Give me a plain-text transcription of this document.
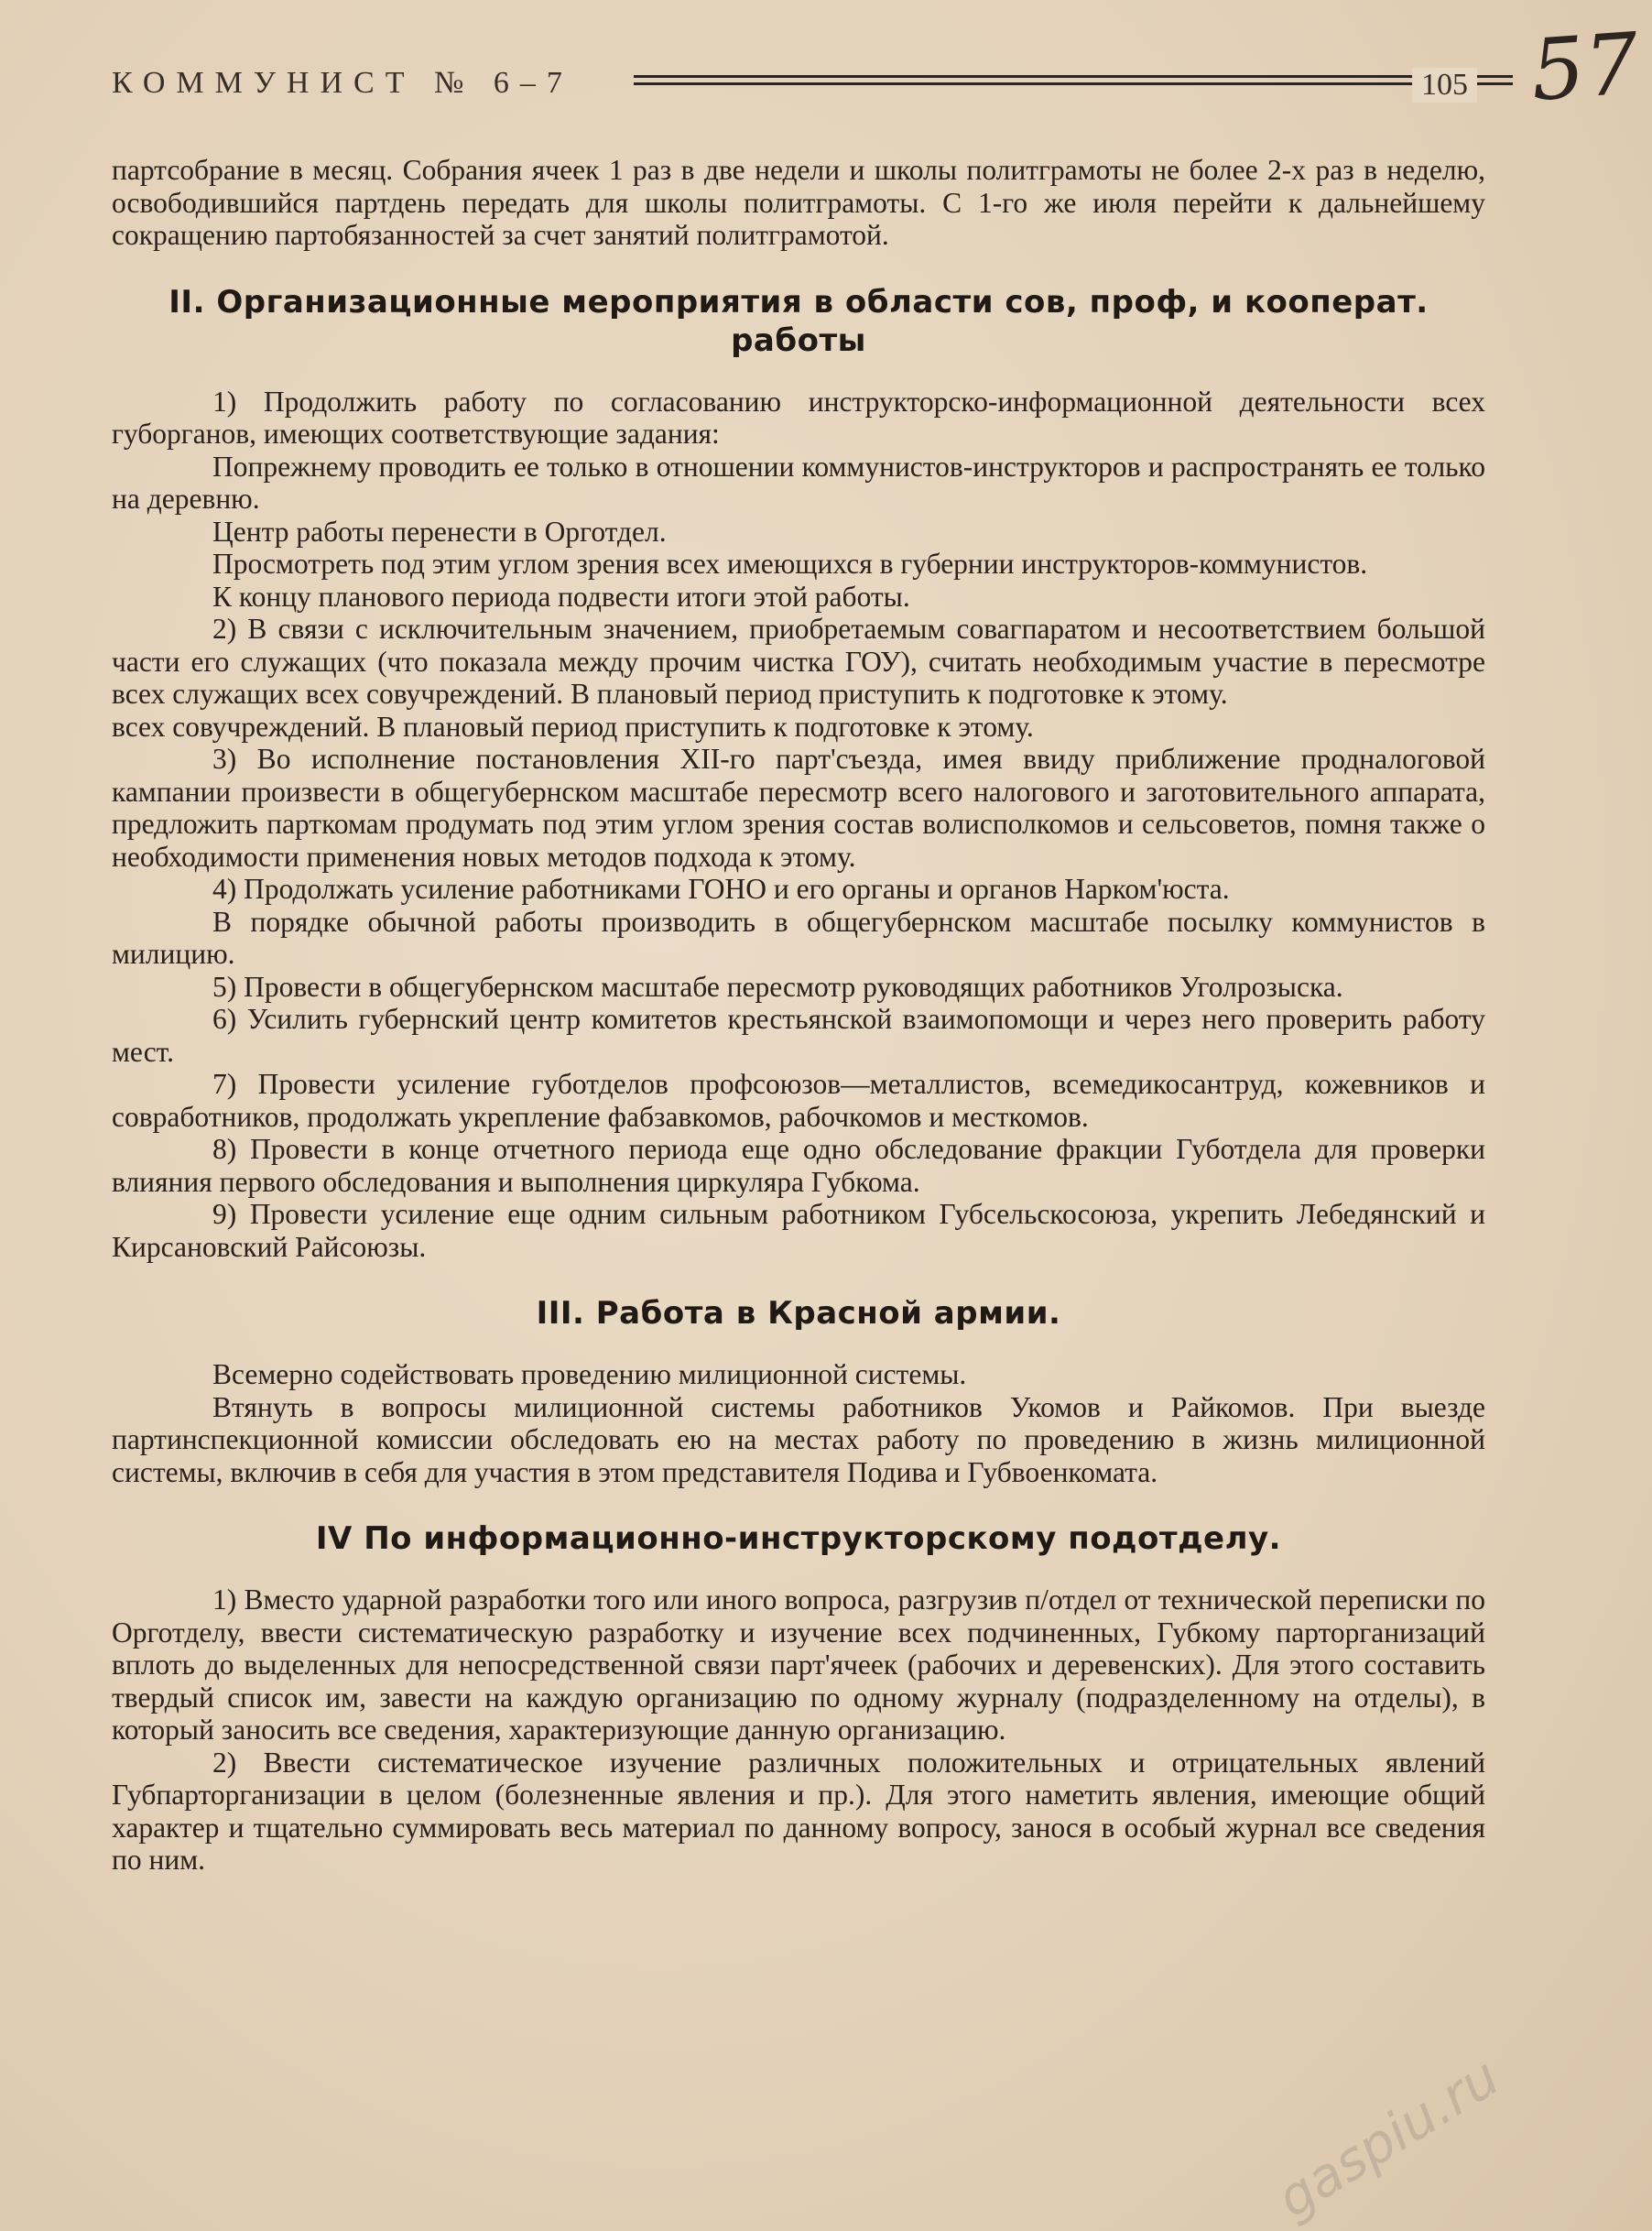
КОММУНИСТ № 6–7	105 57

партсобрание в месяц. Собрания ячеек 1 раз в две недели и школы политграмоты не более 2-х раз в неделю, освободившийся партдень передать для школы политграмоты. С 1-го же июля перейти к дальнейшему сокращению партобязанностей за счет занятий политграмотой.

II. Организационные мероприятия в области сов, проф, и кооперат.

работы

1) Продолжить работу по согласованию инструкторско-информационной деятельности всех губорганов, имеющих соответствующие задания:

Попрежнему проводить ее только в отношении коммунистов-инструкторов и распространять ее только на деревню.

Центр работы перенести в Орготдел.

Просмотреть под этим углом зрения всех имеющихся в губернии инструкторов-коммунистов.

К концу планового периода подвести итоги этой работы.

2) В связи с исключительным значением, приобретаемым совагпаратом и несоответствием большой части его служащих (что показала между прочим чистка ГОУ), считать необходимым участие в пересмотре всех служащих всех совучреждений. В плановый период приступить к подготовке к этому.

всех совучреждений. В плановый период приступить к подготовке к этому.

3) Во исполнение постановления XII-го парт'съезда, имея ввиду приближение продналоговой кампании произвести в общегубернском масштабе пересмотр всего налогового и заготовительного аппарата, предложить парткомам продумать под этим углом зрения состав волисполкомов и сельсоветов, помня также о необходимости применения новых методов подхода к этому.

4) Продолжать усиление работниками ГОНО и его органы и органов Нарком'юста.

В порядке обычной работы производить в общегубернском масштабе посылку коммунистов в милицию.

5) Провести в общегубернском масштабе пересмотр руководящих работников Уголрозыска.

6) Усилить губернский центр комитетов крестьянской взаимопомощи и через него проверить работу мест.

7) Провести усиление губотделов профсоюзов—металлистов, всемедикосантруд, кожевников и совработников, продолжать укрепление фабзавкомов, рабочкомов и месткомов.

8) Провести в конце отчетного периода еще одно обследование фракции Губотдела для проверки влияния первого обследования и выполнения циркуляра Губкома.

9) Провести усиление еще одним сильным работником Губсельскосоюза, укрепить Лебедянский и Кирсановский Райсоюзы.

III. Работа в Красной армии.

Всемерно содействовать проведению милиционной системы.

Втянуть в вопросы милиционной системы работников Укомов и Райкомов. При выезде партинспекционной комиссии обследовать ею на местах работу по проведению в жизнь милиционной системы, включив в себя для участия в этом представителя Подива и Губвоенкомата.

IV По информационно-инструкторскому подотделу.

1) Вместо ударной разработки того или иного вопроса, разгрузив п/отдел от технической переписки по Орготделу, ввести систематическую разработку и изучение всех подчиненных, Губкому парторганизаций вплоть до выделенных для непосредственной связи парт'ячеек (рабочих и деревенских). Для этого составить твердый список им, завести на каждую организацию по одному журналу (подразделенному на отделы), в который заносить все сведения, характеризующие данную организацию.

2) Ввести систематическое изучение различных положительных и отрицательных явлений Губпарторганизации в целом (болезненные явления и пр.). Для этого наметить явления, имеющие общий характер и тщательно суммировать весь материал по данному вопросу, занося в особый журнал все сведения по ним.

gaspiu.ru
